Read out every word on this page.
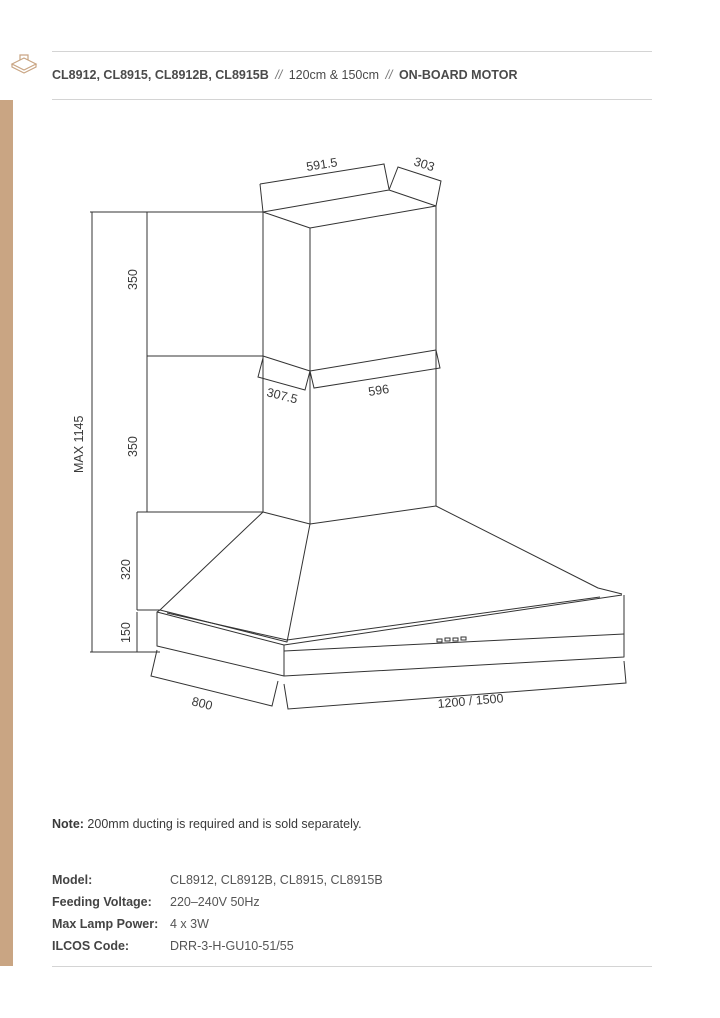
CL8912, CL8915, CL8912B, CL8915B // 120cm & 150cm // ON-BOARD MOTOR
591.5	303
350
307.5	596
350
MAX 1145
320
150
800	1200 / 1500
Note: 200mm ducting is required and is sold separately.
Model:	CL8912, CL8912B, CL8915, CL8915B
Feeding Voltage: 220–240V 50Hz
Max Lamp Power: 4 x 3W
ILCOS Code:	DRR-3-H-GU10-51/55
